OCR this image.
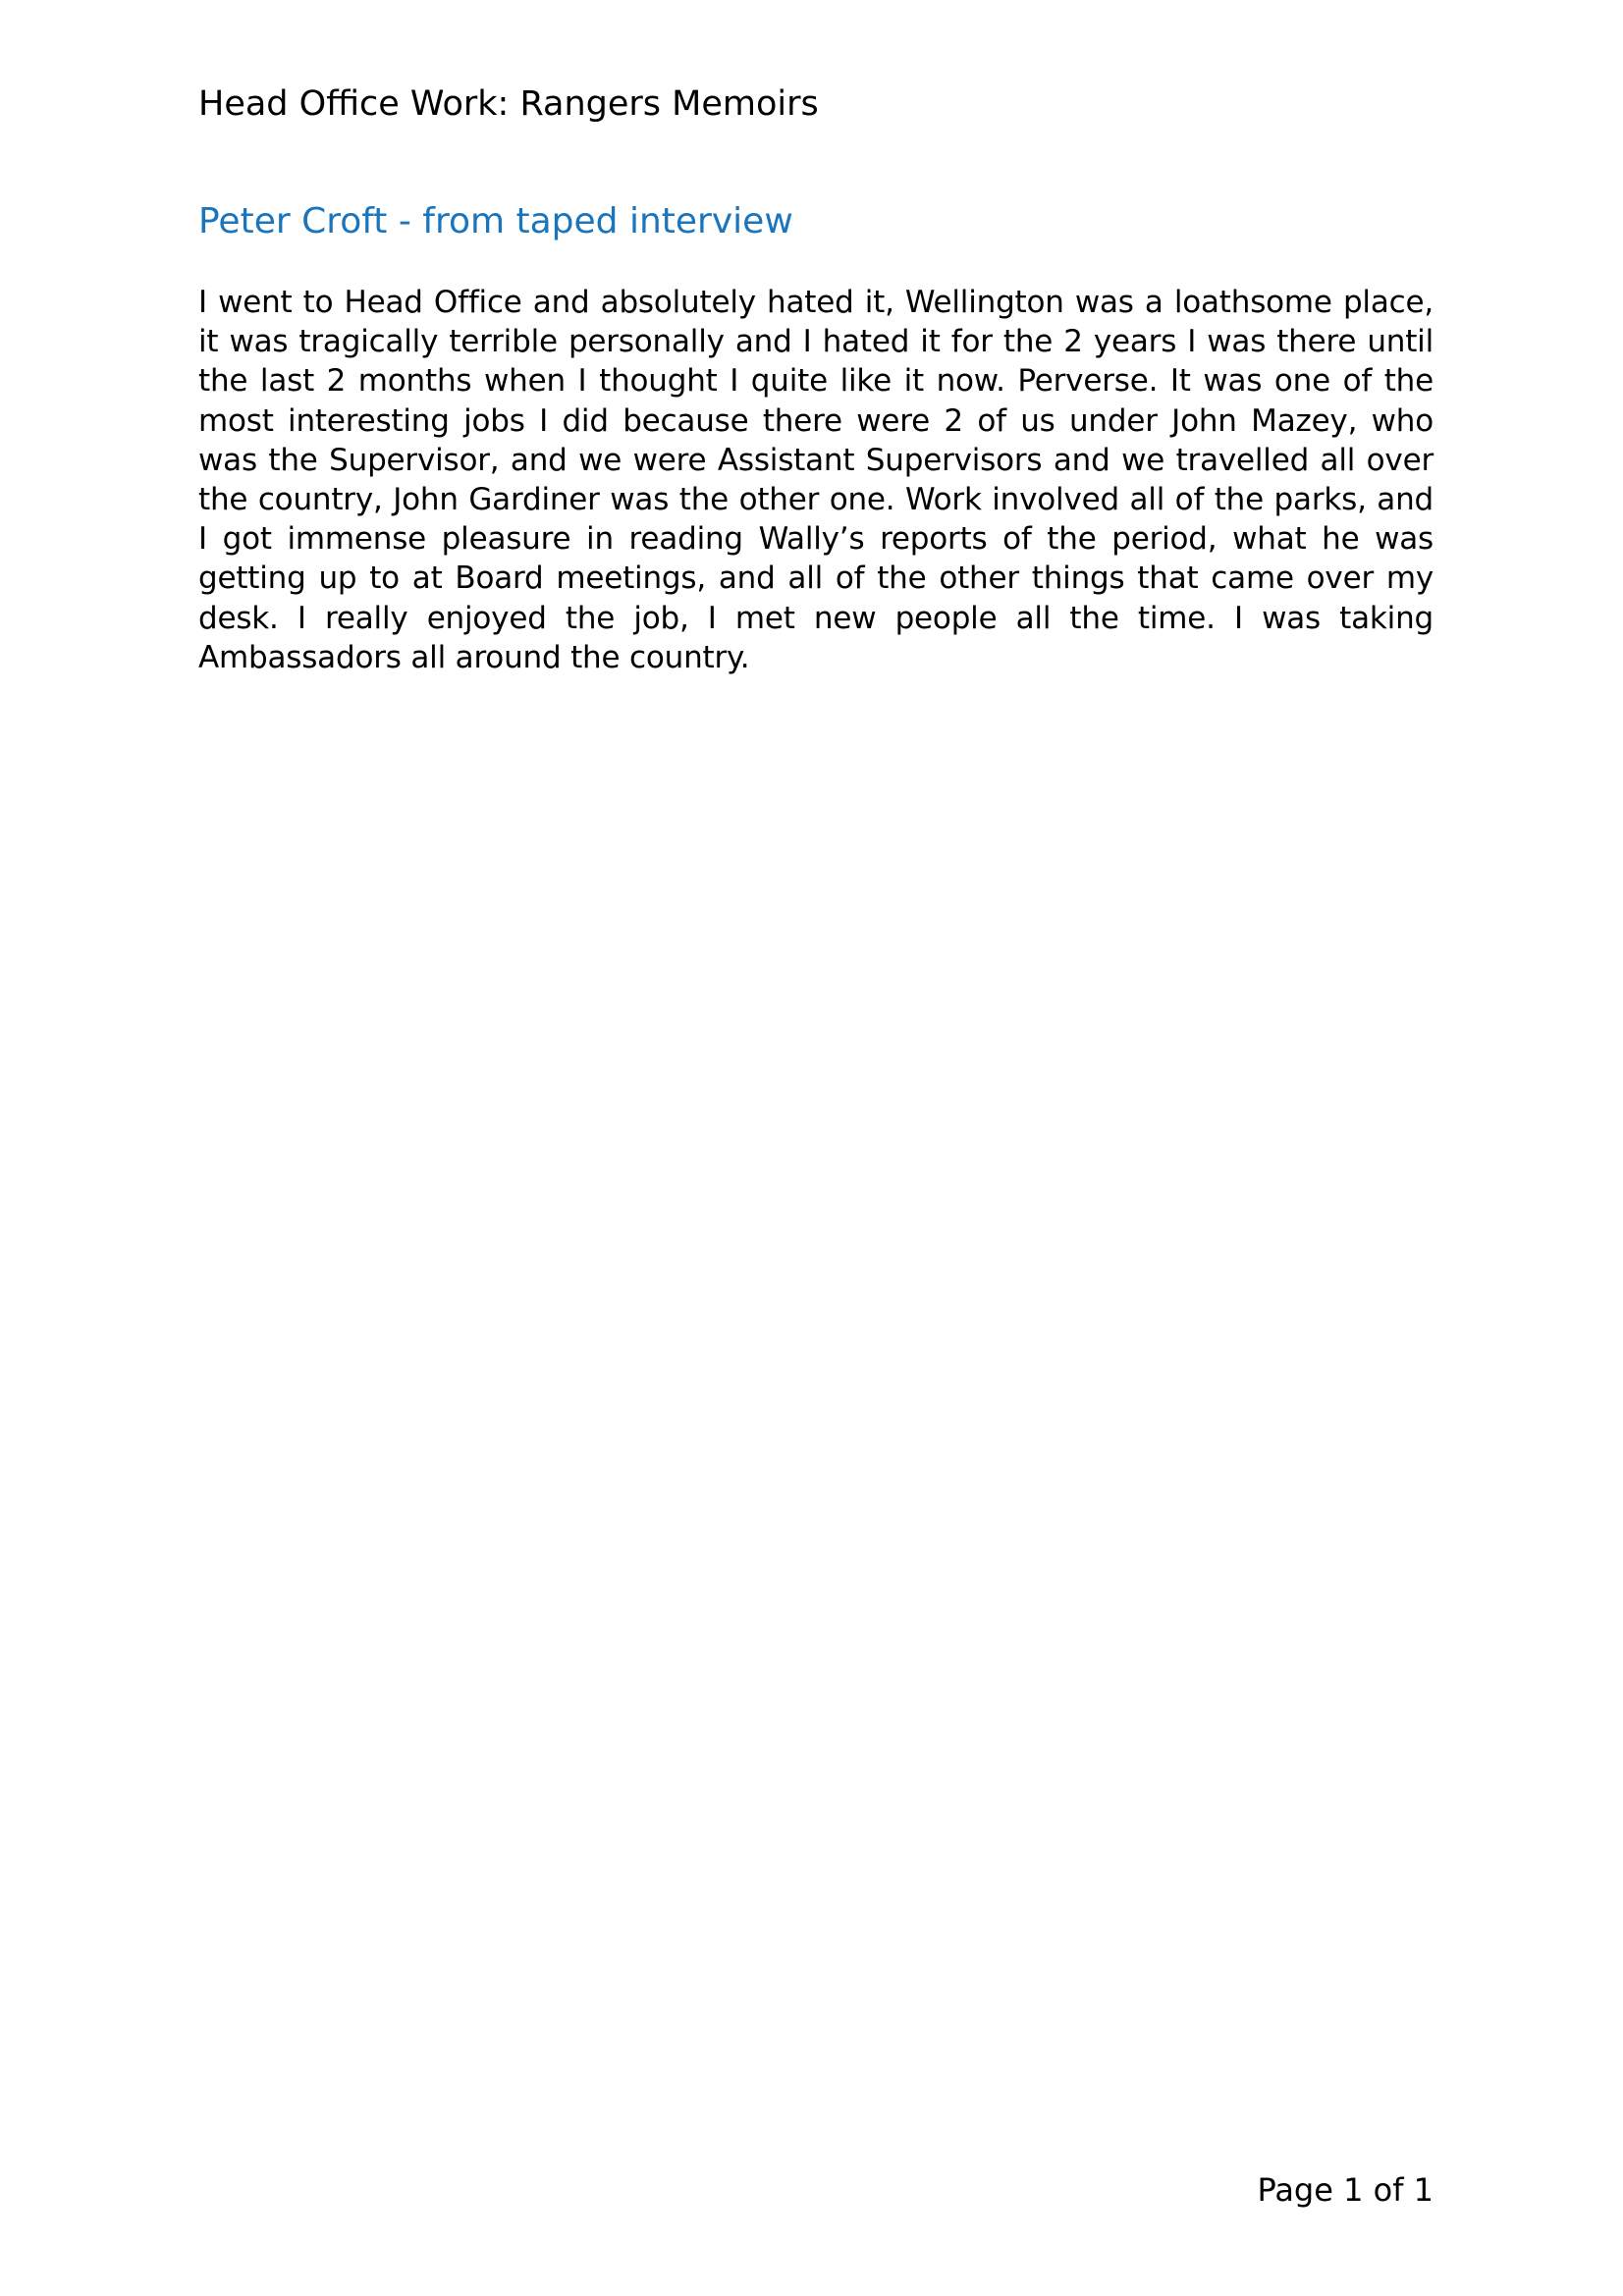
Head Office Work: Rangers Memoirs
Peter Croft - from taped interview

I went to Head Office and absolutely hated it, Wellington was a loathsome place, it was tragically terrible personally and I hated it for the 2 years I was there until the last 2 months when I thought I quite like it now. Perverse. It was one of the most interesting jobs I did because there were 2 of us under John Mazey, who was the Supervisor, and we were Assistant Supervisors and we travelled all over the country, John Gardiner was the other one. Work involved all of the parks, and I got immense pleasure in reading Wally’s reports of the period, what he was getting up to at Board meetings, and all of the other things that came over my desk. I really enjoyed the job, I met new people all the time. I was taking Ambassadors all around the country.

Page 1 of 1
